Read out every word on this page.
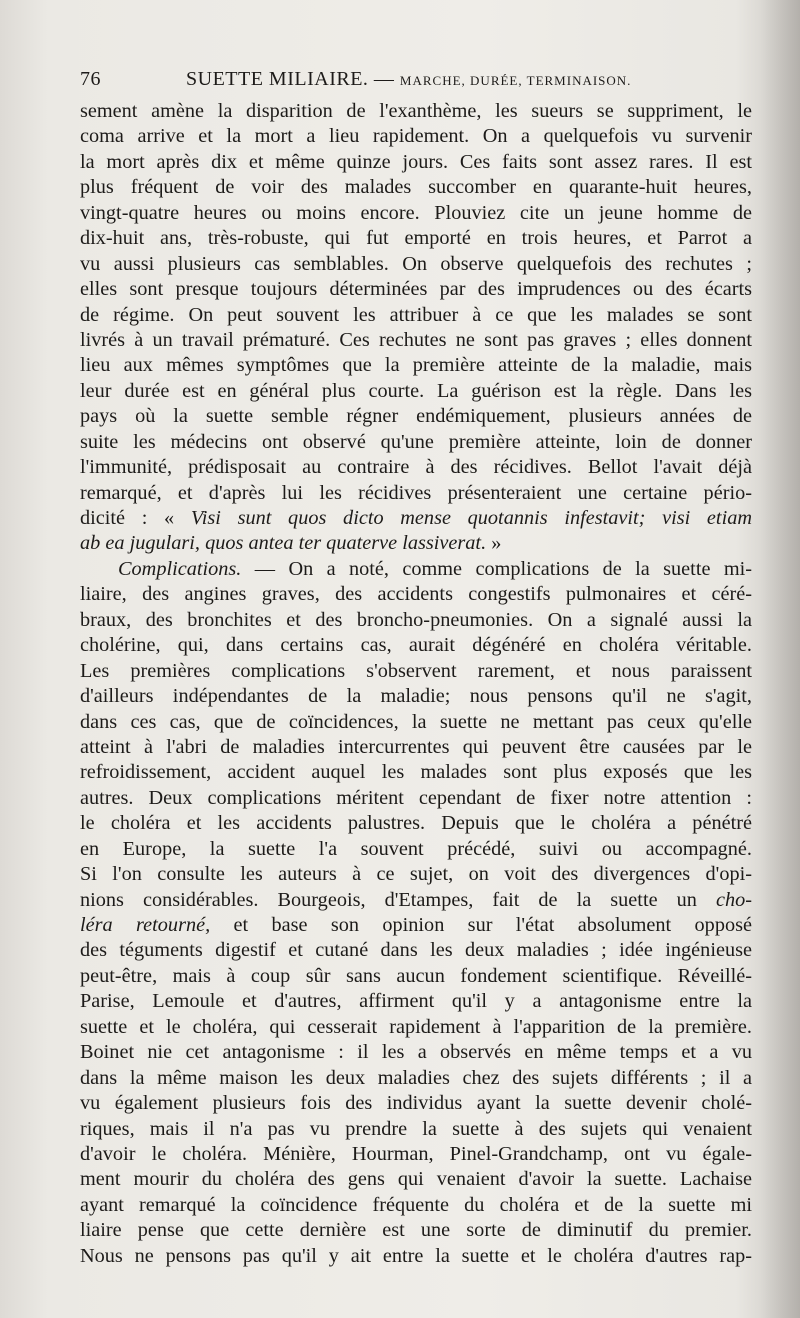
76	SUETTE MILIAIRE. — MARCHE, DURÉE, TERMINAISON.
sement amène la disparition de l'exanthème, les sueurs se suppriment, le
coma arrive et la mort a lieu rapidement. On a quelquefois vu survenir
la mort après dix et même quinze jours. Ces faits sont assez rares. Il est
plus fréquent de voir des malades succomber en quarante-huit heures,
vingt-quatre heures ou moins encore. Plouviez cite un jeune homme de
dix-huit ans, très-robuste, qui fut emporté en trois heures, et Parrot a
vu aussi plusieurs cas semblables. On observe quelquefois des rechutes ;
elles sont presque toujours déterminées par des imprudences ou des écarts
de régime. On peut souvent les attribuer à ce que les malades se sont
livrés à un travail prématuré. Ces rechutes ne sont pas graves ; elles donnent
lieu aux mêmes symptômes que la première atteinte de la maladie, mais
leur durée est en général plus courte. La guérison est la règle. Dans les
pays où la suette semble régner endémiquement, plusieurs années de
suite les médecins ont observé qu'une première atteinte, loin de donner
l'immunité, prédisposait au contraire à des récidives. Bellot l'avait déjà
remarqué, et d'après lui les récidives présenteraient une certaine pério-
dicité : « Visi sunt quos dicto mense quotannis infestavit; visi etiam
ab ea jugulari, quos antea ter quaterve lassiverat. »
Complications. — On a noté, comme complications de la suette mi-
liaire, des angines graves, des accidents congestifs pulmonaires et céré-
braux, des bronchites et des broncho-pneumonies. On a signalé aussi la
cholérine, qui, dans certains cas, aurait dégénéré en choléra véritable.
Les premières complications s'observent rarement, et nous paraissent
d'ailleurs indépendantes de la maladie; nous pensons qu'il ne s'agit,
dans ces cas, que de coïncidences, la suette ne mettant pas ceux qu'elle
atteint à l'abri de maladies intercurrentes qui peuvent être causées par le
refroidissement, accident auquel les malades sont plus exposés que les
autres. Deux complications méritent cependant de fixer notre attention :
le choléra et les accidents palustres. Depuis que le choléra a pénétré
en Europe, la suette l'a souvent précédé, suivi ou accompagné.
Si l'on consulte les auteurs à ce sujet, on voit des divergences d'opi-
nions considérables. Bourgeois, d'Etampes, fait de la suette un cho-
léra retourné, et base son opinion sur l'état absolument opposé
des téguments digestif et cutané dans les deux maladies ; idée ingénieuse
peut-être, mais à coup sûr sans aucun fondement scientifique. Réveillé-
Parise, Lemoule et d'autres, affirment qu'il y a antagonisme entre la
suette et le choléra, qui cesserait rapidement à l'apparition de la première.
Boinet nie cet antagonisme : il les a observés en même temps et a vu
dans la même maison les deux maladies chez des sujets différents ; il a
vu également plusieurs fois des individus ayant la suette devenir cholé-
riques, mais il n'a pas vu prendre la suette à des sujets qui venaient
d'avoir le choléra. Ménière, Hourman, Pinel-Grandchamp, ont vu égale-
ment mourir du choléra des gens qui venaient d'avoir la suette. Lachaise
ayant remarqué la coïncidence fréquente du choléra et de la suette mi
liaire pense que cette dernière est une sorte de diminutif du premier.
Nous ne pensons pas qu'il y ait entre la suette et le choléra d'autres rap-
